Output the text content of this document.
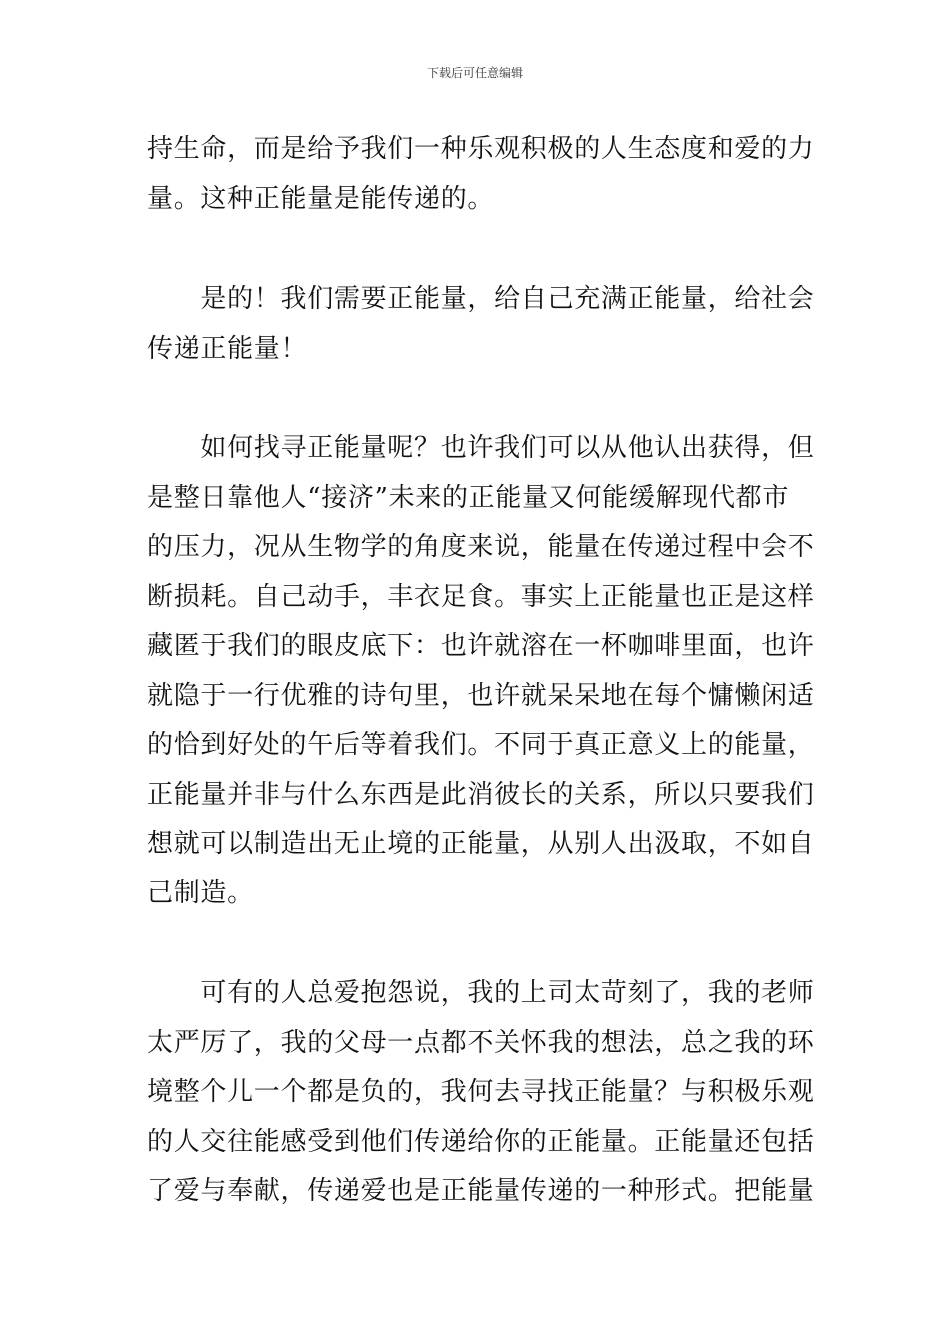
下载后可任意编辑
持生命，而是给予我们一种乐观积极的人生态度和爱的力
量。这种正能量是能传递的。
　　是的！我们需要正能量，给自己充满正能量，给社会
传递正能量！
　　如何找寻正能量呢？也许我们可以从他认出获得，但
是整日靠他人“接济”未来的正能量又何能缓解现代都市
的压力，况从生物学的角度来说，能量在传递过程中会不
断损耗。自己动手，丰衣足食。事实上正能量也正是这样
藏匿于我们的眼皮底下：也许就溶在一杯咖啡里面，也许
就隐于一行优雅的诗句里，也许就呆呆地在每个慵懒闲适
的恰到好处的午后等着我们。不同于真正意义上的能量，
正能量并非与什么东西是此消彼长的关系，所以只要我们
想就可以制造出无止境的正能量，从别人出汲取，不如自
己制造。
　　可有的人总爱抱怨说，我的上司太苛刻了，我的老师
太严厉了，我的父母一点都不关怀我的想法，总之我的环
境整个儿一个都是负的，我何去寻找正能量？与积极乐观
的人交往能感受到他们传递给你的正能量。正能量还包括
了爱与奉献，传递爱也是正能量传递的一种形式。把能量
